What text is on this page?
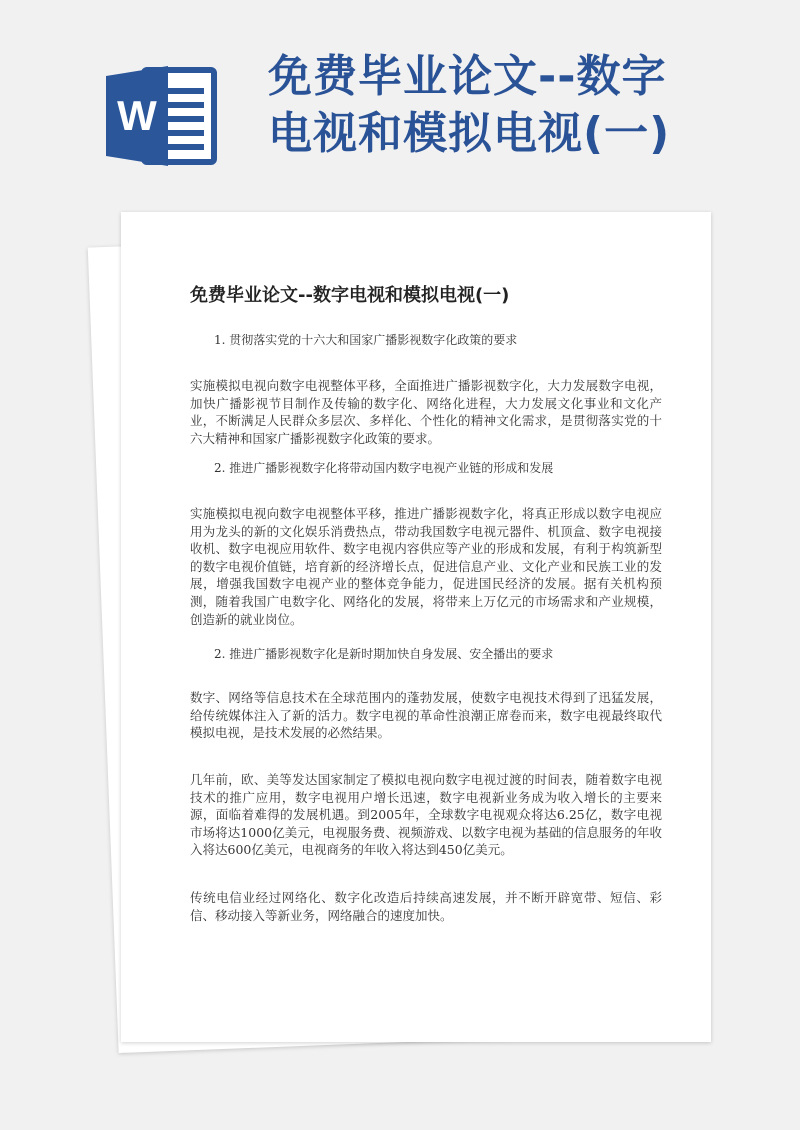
W
免费毕业论文--数字
电视和模拟电视(一)
免费毕业论文--数字电视和模拟电视(一)
1. 贯彻落实党的十六大和国家广播影视数字化政策的要求
实施模拟电视向数字电视整体平移，全面推进广播影视数字化，大力发展数字电视，加快广播影视节目制作及传输的数字化、网络化进程，大力发展文化事业和文化产业，不断满足人民群众多层次、多样化、个性化的精神文化需求，是贯彻落实党的十六大精神和国家广播影视数字化政策的要求。
2. 推进广播影视数字化将带动国内数字电视产业链的形成和发展
实施模拟电视向数字电视整体平移，推进广播影视数字化，将真正形成以数字电视应用为龙头的新的文化娱乐消费热点，带动我国数字电视元器件、机顶盒、数字电视接收机、数字电视应用软件、数字电视内容供应等产业的形成和发展，有利于构筑新型的数字电视价值链，培育新的经济增长点，促进信息产业、文化产业和民族工业的发展，增强我国数字电视产业的整体竞争能力，促进国民经济的发展。据有关机构预测，随着我国广电数字化、网络化的发展，将带来上万亿元的市场需求和产业规模，创造新的就业岗位。
2. 推进广播影视数字化是新时期加快自身发展、安全播出的要求
数字、网络等信息技术在全球范围内的蓬勃发展，使数字电视技术得到了迅猛发展，给传统媒体注入了新的活力。数字电视的革命性浪潮正席卷而来，数字电视最终取代模拟电视，是技术发展的必然结果。
几年前，欧、美等发达国家制定了模拟电视向数字电视过渡的时间表，随着数字电视技术的推广应用，数字电视用户增长迅速，数字电视新业务成为收入增长的主要来源，面临着难得的发展机遇。到2005年，全球数字电视观众将达6.25亿，数字电视市场将达1000亿美元，电视服务费、视频游戏、以数字电视为基础的信息服务的年收入将达600亿美元，电视商务的年收入将达到450亿美元。
传统电信业经过网络化、数字化改造后持续高速发展，并不断开辟宽带、短信、彩信、移动接入等新业务，网络融合的速度加快。
